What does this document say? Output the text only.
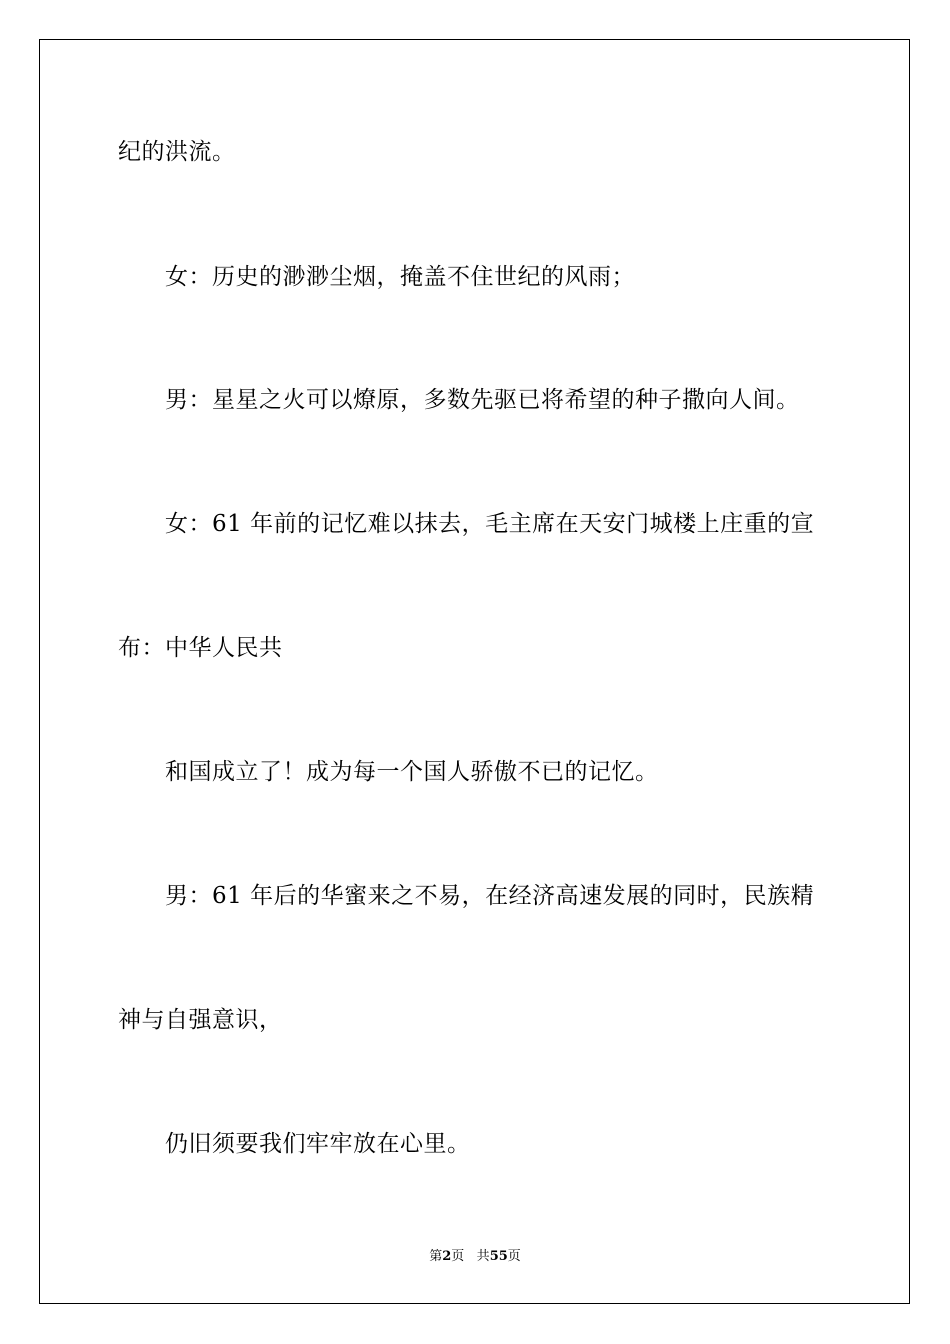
纪的洪流。
女：历史的渺渺尘烟，掩盖不住世纪的风雨；
男：星星之火可以燎原，多数先驱已将希望的种子撒向人间。
女：61 年前的记忆难以抹去，毛主席在天安门城楼上庄重的宣
布：中华人民共
和国成立了！成为每一个国人骄傲不已的记忆。
男：61 年后的华蜜来之不易，在经济高速发展的同时，民族精
神与自强意识，
仍旧须要我们牢牢放在心里。
第2页 共55页
